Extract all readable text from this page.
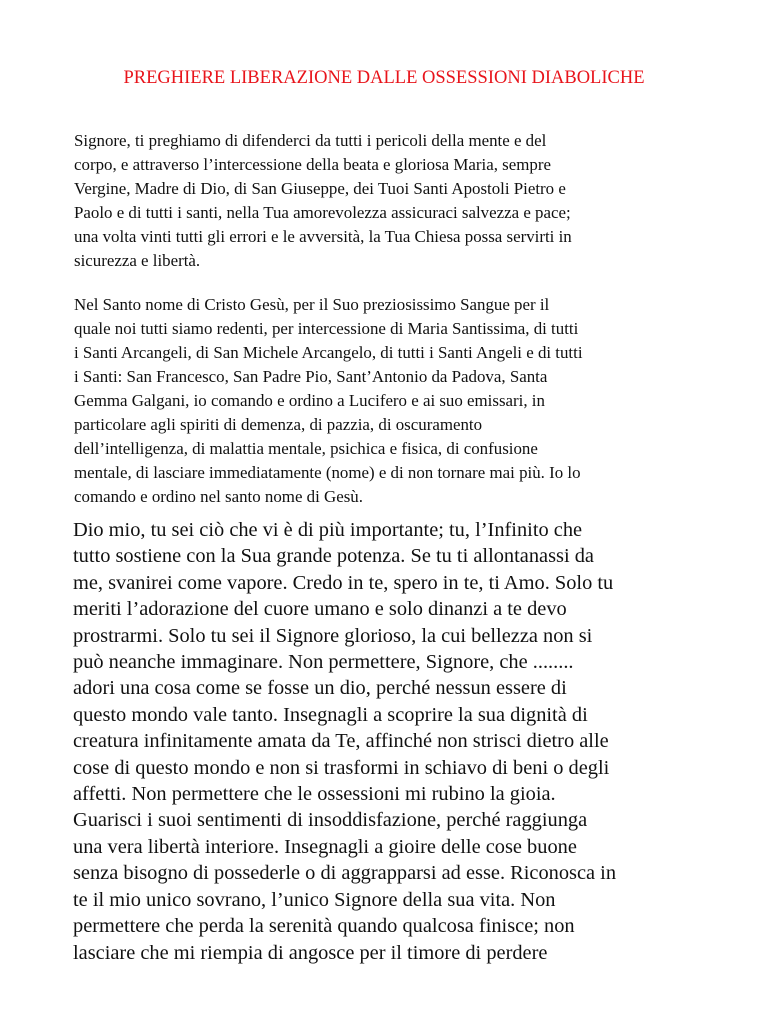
PREGHIERE LIBERAZIONE DALLE OSSESSIONI DIABOLICHE
Signore, ti preghiamo di difenderci da tutti i pericoli della mente e del
corpo, e attraverso l’intercessione della beata e gloriosa Maria, sempre
Vergine, Madre di Dio, di San Giuseppe, dei Tuoi Santi Apostoli Pietro e
Paolo e di tutti i santi, nella Tua amorevolezza assicuraci salvezza e pace;
una volta vinti tutti gli errori e le avversità, la Tua Chiesa possa servirti in
sicurezza e libertà.
Nel Santo nome di Cristo Gesù, per il Suo preziosissimo Sangue per il
quale noi tutti siamo redenti, per intercessione di Maria Santissima, di tutti
i Santi Arcangeli, di San Michele Arcangelo, di tutti i Santi Angeli e di tutti
i Santi: San Francesco, San Padre Pio, Sant’Antonio da Padova, Santa
Gemma Galgani, io comando e ordino a Lucifero e ai suo emissari, in
particolare agli spiriti di demenza, di pazzia, di oscuramento
dell’intelligenza, di malattia mentale, psichica e fisica, di confusione
mentale, di lasciare immediatamente (nome) e di non tornare mai più. Io lo
comando e ordino nel santo nome di Gesù.
Dio mio, tu sei ciò che vi è di più importante; tu, l’Infinito che
tutto sostiene con la Sua grande potenza. Se tu ti allontanassi da
me, svanirei come vapore. Credo in te, spero in te, ti Amo. Solo tu
meriti l’adorazione del cuore umano e solo dinanzi a te devo
prostrarmi. Solo tu sei il Signore glorioso, la cui bellezza non si
può neanche immaginare. Non permettere, Signore, che ........
adori una cosa come se fosse un dio, perché nessun essere di
questo mondo vale tanto. Insegnagli a scoprire la sua dignità di
creatura infinitamente amata da Te, affinché non strisci dietro alle
cose di questo mondo e non si trasformi in schiavo di beni o degli
affetti. Non permettere che le ossessioni mi rubino la gioia.
Guarisci i suoi sentimenti di insoddisfazione, perché raggiunga
una vera libertà interiore. Insegnagli a gioire delle cose buone
senza bisogno di possederle o di aggrapparsi ad esse. Riconosca in
te il mio unico sovrano, l’unico Signore della sua vita. Non
permettere che perda la serenità quando qualcosa finisce; non
lasciare che mi riempia di angosce per il timore di perdere
